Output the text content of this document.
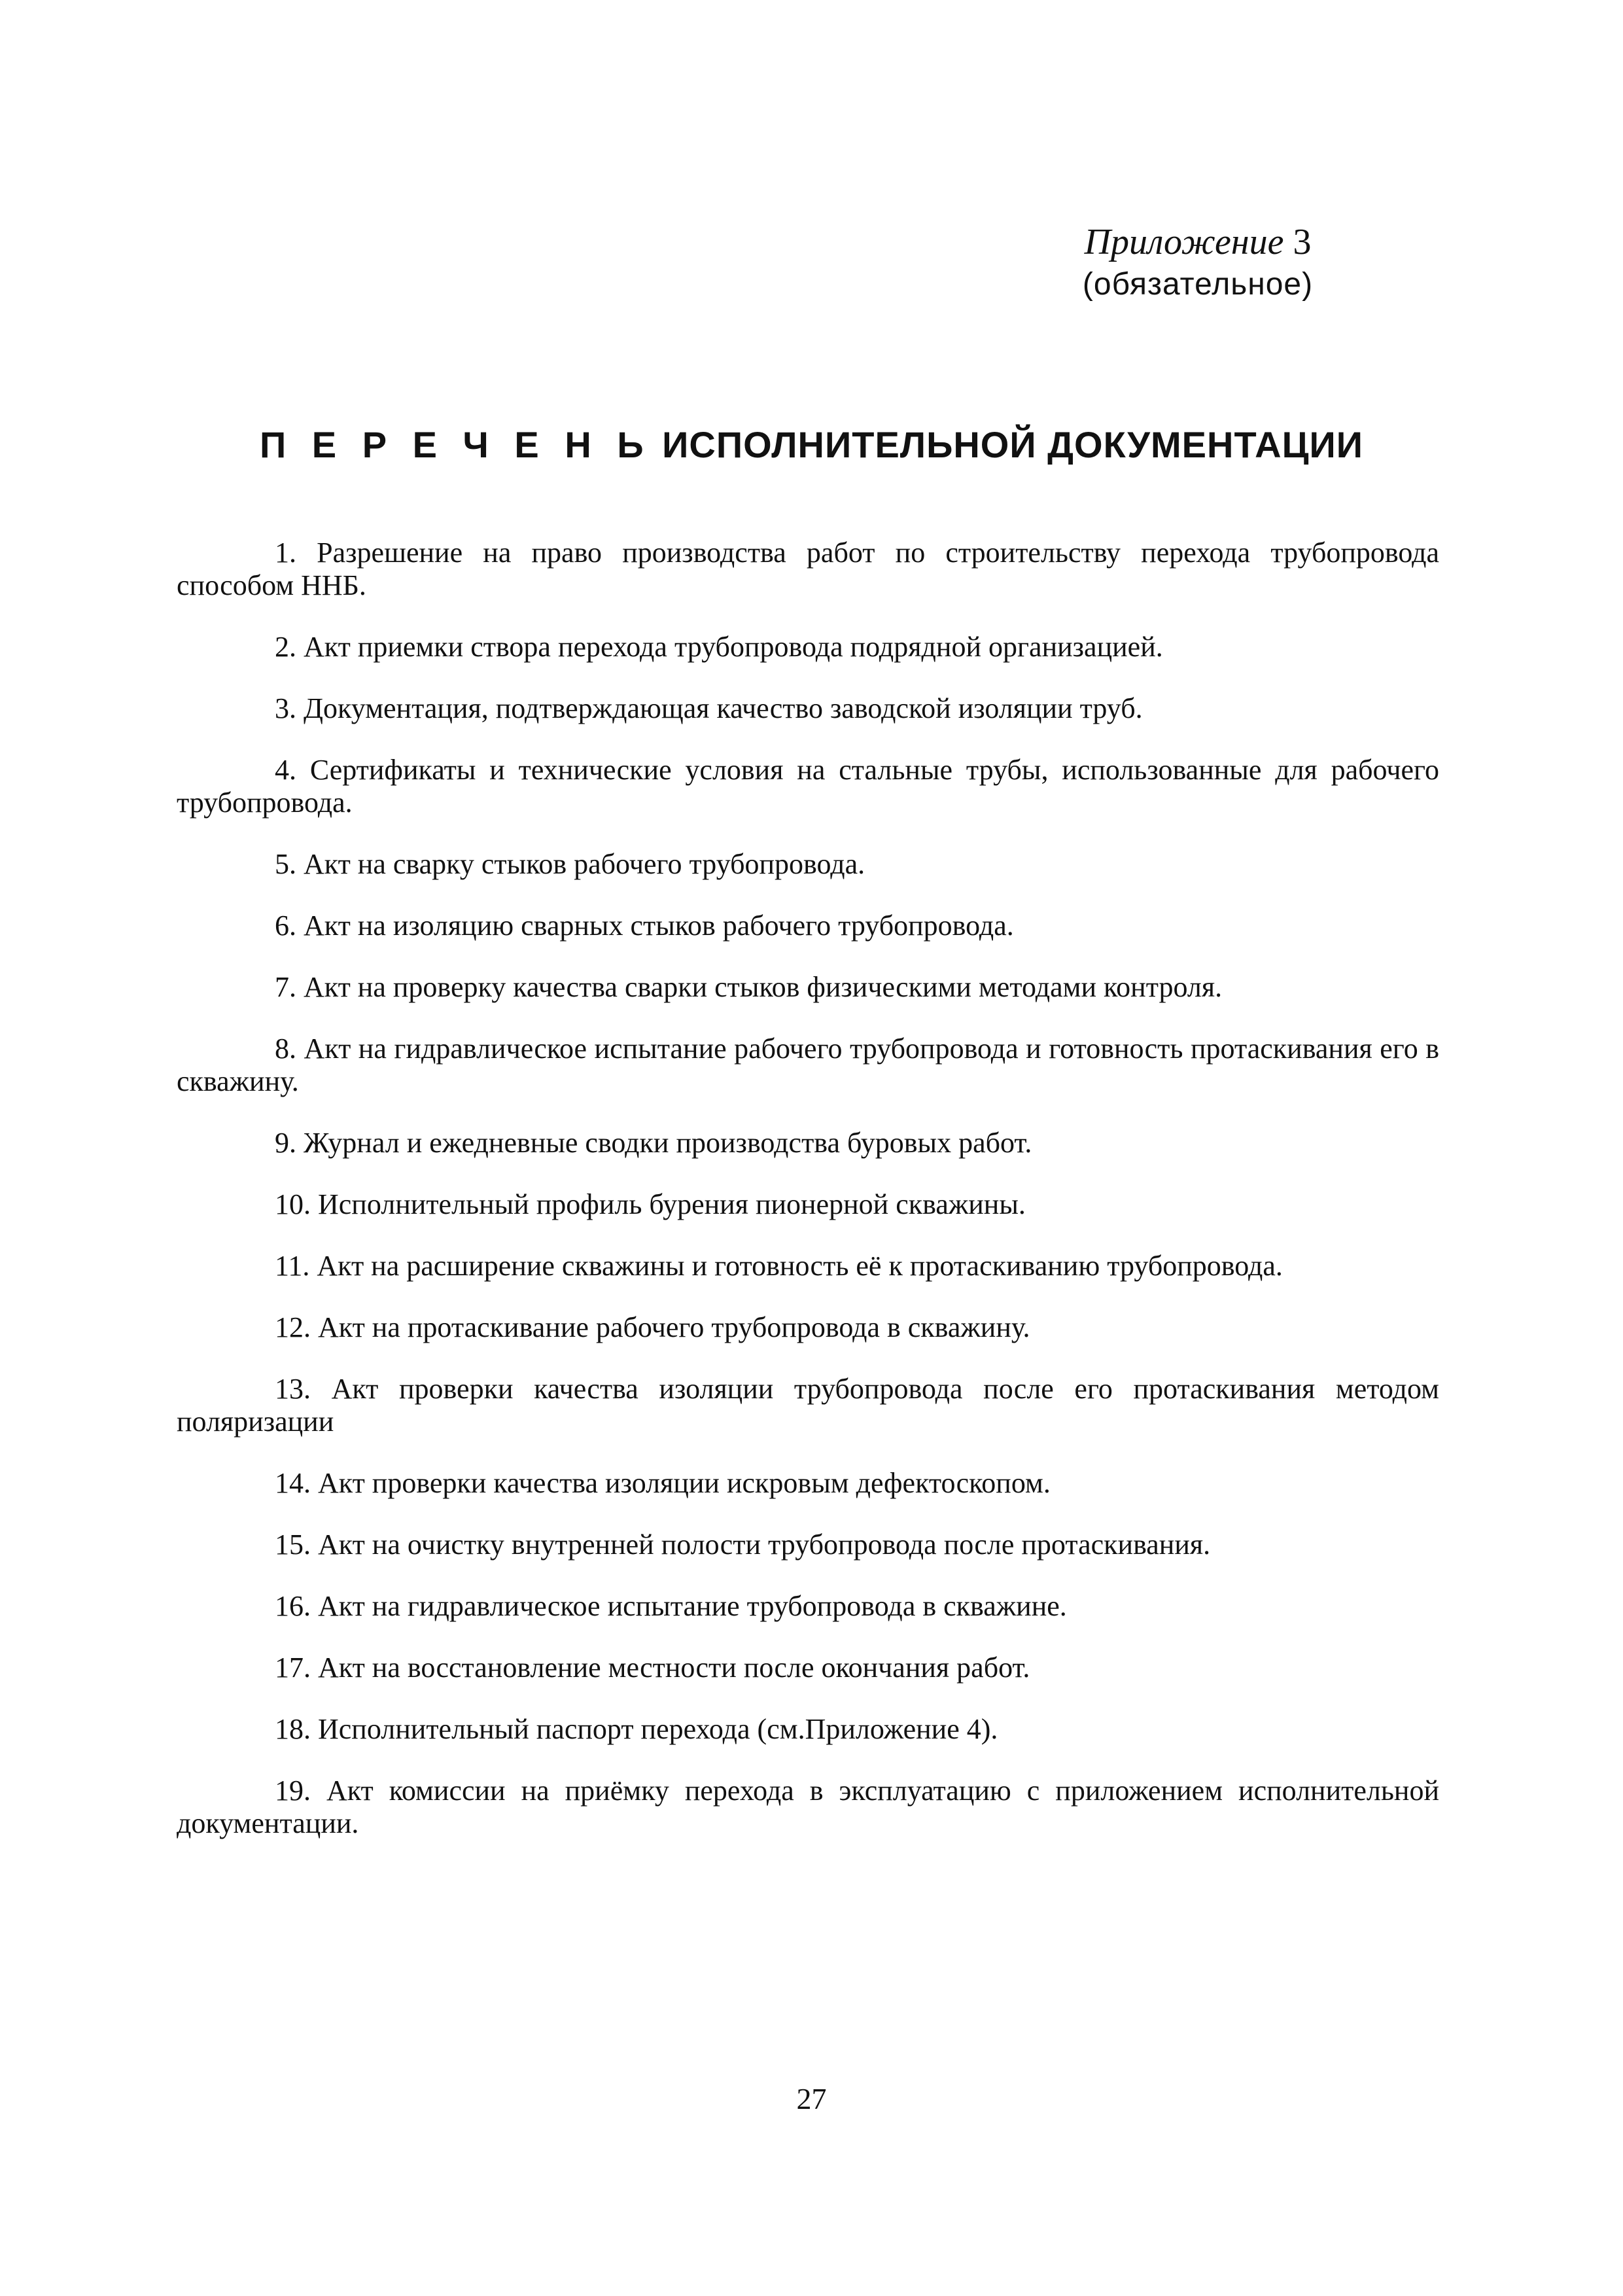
Приложение 3
(обязательное)
П Е Р Е Ч Е Н Ь ИСПОЛНИТЕЛЬНОЙ ДОКУМЕНТАЦИИ

1. Разрешение на право производства работ по строительству перехода трубопровода способом ННБ.

2. Акт приемки створа перехода трубопровода подрядной организацией.

3. Документация, подтверждающая качество заводской изоляции труб.

4. Сертификаты и технические условия на стальные трубы, использованные для рабочего трубопровода.

5. Акт на сварку стыков рабочего трубопровода.

6. Акт на изоляцию сварных стыков рабочего трубопровода.

7. Акт на проверку качества сварки стыков физическими методами контроля.

8. Акт на гидравлическое испытание рабочего трубопровода и готовность протаскивания его в скважину.

9. Журнал и ежедневные сводки производства буровых работ.

10. Исполнительный профиль бурения пионерной скважины.

11. Акт на расширение скважины и готовность её к протаскиванию трубопровода.

12. Акт на протаскивание рабочего трубопровода в скважину.

13. Акт проверки качества изоляции трубопровода после его протаскивания методом поляризации

14. Акт проверки качества изоляции искровым дефектоскопом.

15. Акт на очистку внутренней полости трубопровода после протаскивания.

16. Акт на гидравлическое испытание трубопровода в скважине.

17. Акт на восстановление местности после окончания работ.

18. Исполнительный паспорт перехода (см.Приложение 4).

19. Акт комиссии на приёмку перехода в эксплуатацию с приложением исполнительной документации.

27
